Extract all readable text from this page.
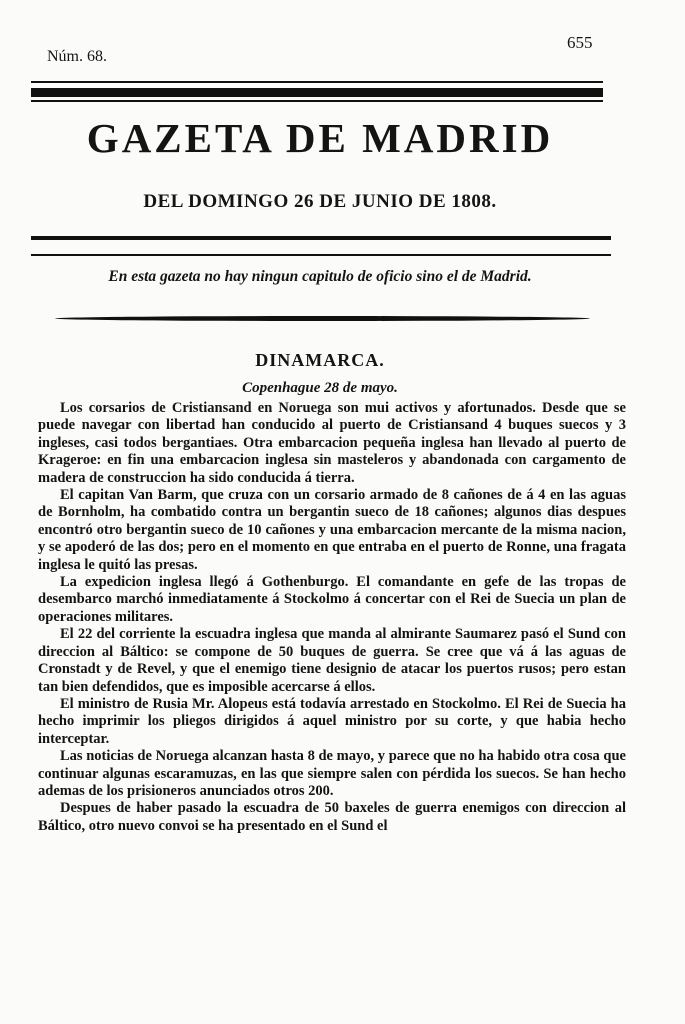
Núm. 68.
655
GAZETA DE MADRID
DEL DOMINGO 26 DE JUNIO DE 1808.
En esta gazeta no hay ningun capitulo de oficio sino el de Madrid.
DINAMARCA.
Copenhague 28 de mayo.

Los corsarios de Cristiansand en Noruega son mui activos y afortunados. Desde que se puede navegar con libertad han conducido al puerto de Cristiansand 4 buques suecos y 3 ingleses, casi todos bergantiaes. Otra embarcacion pequeña inglesa han llevado al puerto de Krageroe: en fin una embarcacion inglesa sin masteleros y abandonada con cargamento de madera de construccion ha sido conducida á tierra.

El capitan Van Barm, que cruza con un corsario armado de 8 cañones de á 4 en las aguas de Bornholm, ha combatido contra un bergantin sueco de 18 cañones; algunos dias despues encontró otro bergantin sueco de 10 cañones y una embarcacion mercante de la misma nacion, y se apoderó de las dos; pero en el momento en que entraba en el puerto de Ronne, una fragata inglesa le quitó las presas.

La expedicion inglesa llegó á Gothenburgo. El comandante en gefe de las tropas de desembarco marchó inmediatamente á Stockolmo á concertar con el Rei de Suecia un plan de operaciones militares.

El 22 del corriente la escuadra inglesa que manda al almirante Saumarez pasó el Sund con direccion al Báltico: se compone de 50 buques de guerra. Se cree que vá á las aguas de Cronstadt y de Revel, y que el enemigo tiene designio de atacar los puertos rusos; pero estan tan bien defendidos, que es imposible acercarse á ellos.

El ministro de Rusia Mr. Alopeus está todavía arrestado en Stockolmo. El Rei de Suecia ha hecho imprimir los pliegos dirigidos á aquel ministro por su corte, y que habia hecho interceptar.

Las noticias de Noruega alcanzan hasta 8 de mayo, y parece que no ha habido otra cosa que continuar algunas escaramuzas, en las que siempre salen con pérdida los suecos. Se han hecho ademas de los prisioneros anunciados otros 200.

Despues de haber pasado la escuadra de 50 baxeles de guerra enemigos con direccion al Báltico, otro nuevo convoi se ha presentado en el Sund el
